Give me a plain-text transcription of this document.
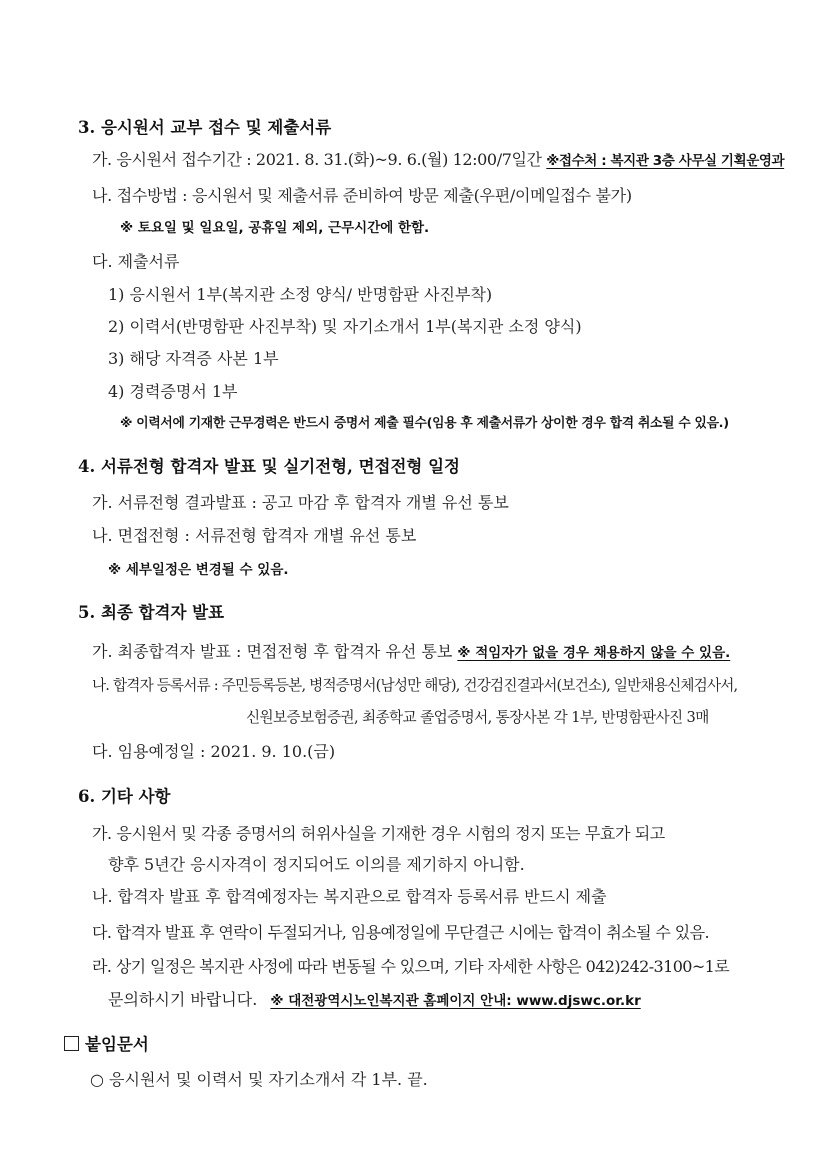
3. 응시원서 교부 접수 및 제출서류
가. 응시원서 접수기간 : 2021. 8. 31.(화)~9. 6.(월) 12:00/7일간 ※접수처 : 복지관 3층 사무실 기획운영과
나. 접수방법 : 응시원서 및 제출서류 준비하여 방문 제출(우편/이메일접수 불가)
※ 토요일 및 일요일, 공휴일 제외, 근무시간에 한함.
다. 제출서류
1) 응시원서 1부(복지관 소정 양식/ 반명함판 사진부착)
2) 이력서(반명함판 사진부착) 및 자기소개서 1부(복지관 소정 양식)
3) 해당 자격증 사본 1부
4) 경력증명서 1부
※ 이력서에 기재한 근무경력은 반드시 증명서 제출 필수(임용 후 제출서류가 상이한 경우 합격 취소될 수 있음.)
4. 서류전형 합격자 발표 및 실기전형, 면접전형 일정
가. 서류전형 결과발표 : 공고 마감 후 합격자 개별 유선 통보
나. 면접전형 : 서류전형 합격자 개별 유선 통보
※ 세부일정은 변경될 수 있음.
5. 최종 합격자 발표
가. 최종합격자 발표 : 면접전형 후 합격자 유선 통보 ※ 적임자가 없을 경우 채용하지 않을 수 있음.
나. 합격자 등록서류 : 주민등록등본, 병적증명서(남성만 해당), 건강검진결과서(보건소), 일반채용신체검사서,
신원보증보험증권, 최종학교 졸업증명서, 통장사본 각 1부, 반명함판사진 3매
다. 임용예정일 : 2021. 9. 10.(금)
6. 기타 사항
가. 응시원서 및 각종 증명서의 허위사실을 기재한 경우 시험의 정지 또는 무효가 되고
향후 5년간 응시자격이 정지되어도 이의를 제기하지 아니함.
나. 합격자 발표 후 합격예정자는 복지관으로 합격자 등록서류 반드시 제출
다. 합격자 발표 후 연락이 두절되거나, 임용예정일에 무단결근 시에는 합격이 취소될 수 있음.
라. 상기 일정은 복지관 사정에 따라 변동될 수 있으며, 기타 자세한 사항은 042)242-3100~1로
문의하시기 바랍니다. ※ 대전광역시노인복지관 홈페이지 안내: www.djswc.or.kr
붙임문서
○ 응시원서 및 이력서 및 자기소개서 각 1부. 끝.
